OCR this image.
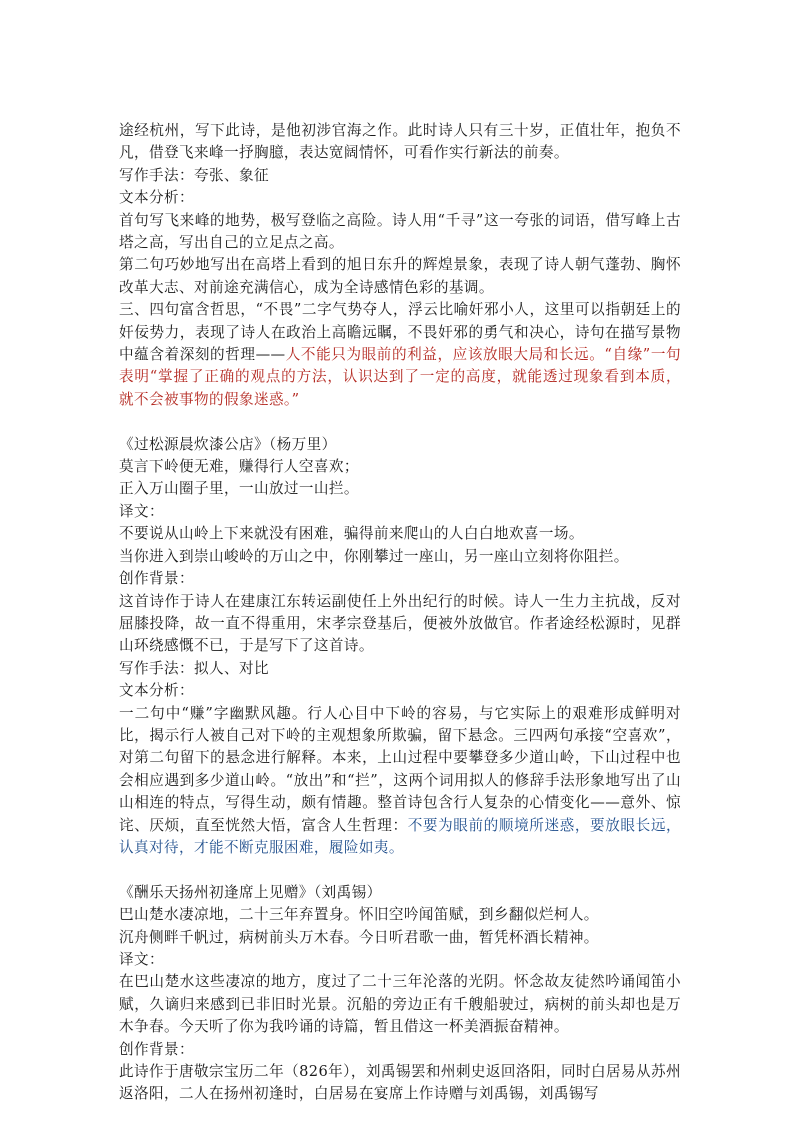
途经杭州，写下此诗，是他初涉官海之作。此时诗人只有三十岁，正值壮年，抱负不凡，借登飞来峰一抒胸臆，表达宽阔情怀，可看作实行新法的前奏。

写作手法：夸张、象征

文本分析：

首句写飞来峰的地势，极写登临之高险。诗人用“千寻”这一夸张的词语，借写峰上古塔之高，写出自己的立足点之高。

第二句巧妙地写出在高塔上看到的旭日东升的辉煌景象，表现了诗人朝气蓬勃、胸怀改革大志、对前途充满信心，成为全诗感情色彩的基调。

三、四句富含哲思，“不畏”二字气势夺人，浮云比喻奸邪小人，这里可以指朝廷上的奸佞势力，表现了诗人在政治上高瞻远瞩，不畏奸邪的勇气和决心，诗句在描写景物中蕴含着深刻的哲理——人不能只为眼前的利益，应该放眼大局和长远。“自缘”一句表明“掌握了正确的观点的方法，认识达到了一定的高度，就能透过现象看到本质，就不会被事物的假象迷惑。”

《过松源晨炊漆公店》（杨万里）

莫言下岭便无难，赚得行人空喜欢；

正入万山圈子里，一山放过一山拦。

译文：

不要说从山岭上下来就没有困难，骗得前来爬山的人白白地欢喜一场。

当你进入到崇山峻岭的万山之中，你刚攀过一座山，另一座山立刻将你阻拦。

创作背景：

这首诗作于诗人在建康江东转运副使任上外出纪行的时候。诗人一生力主抗战，反对屈膝投降，故一直不得重用，宋孝宗登基后，便被外放做官。作者途经松源时，见群山环绕感慨不已，于是写下了这首诗。

写作手法：拟人、对比

文本分析：

一二句中“赚”字幽默风趣。行人心目中下岭的容易，与它实际上的艰难形成鲜明对比，揭示行人被自己对下岭的主观想象所欺骗，留下悬念。三四两句承接“空喜欢”，对第二句留下的悬念进行解释。本来，上山过程中要攀登多少道山岭，下山过程中也会相应遇到多少道山岭。“放出”和“拦”，这两个词用拟人的修辞手法形象地写出了山山相连的特点，写得生动，颇有情趣。整首诗包含行人复杂的心情变化——意外、惊诧、厌烦，直至恍然大悟，富含人生哲理：不要为眼前的顺境所迷惑，要放眼长远，认真对待，才能不断克服困难，履险如夷。

《酬乐天扬州初逢席上见赠》（刘禹锡）

巴山楚水凄凉地，二十三年弃置身。怀旧空吟闻笛赋，到乡翻似烂柯人。

沉舟侧畔千帆过，病树前头万木春。今日听君歌一曲，暂凭杯酒长精神。

译文：

在巴山楚水这些凄凉的地方，度过了二十三年沦落的光阴。怀念故友徒然吟诵闻笛小赋，久谪归来感到已非旧时光景。沉船的旁边正有千艘船驶过，病树的前头却也是万木争春。今天听了你为我吟诵的诗篇，暂且借这一杯美酒振奋精神。

创作背景：

此诗作于唐敬宗宝历二年（826年），刘禹锡罢和州刺史返回洛阳，同时白居易从苏州返洛阳，二人在扬州初逢时，白居易在宴席上作诗赠与刘禹锡，刘禹锡写
